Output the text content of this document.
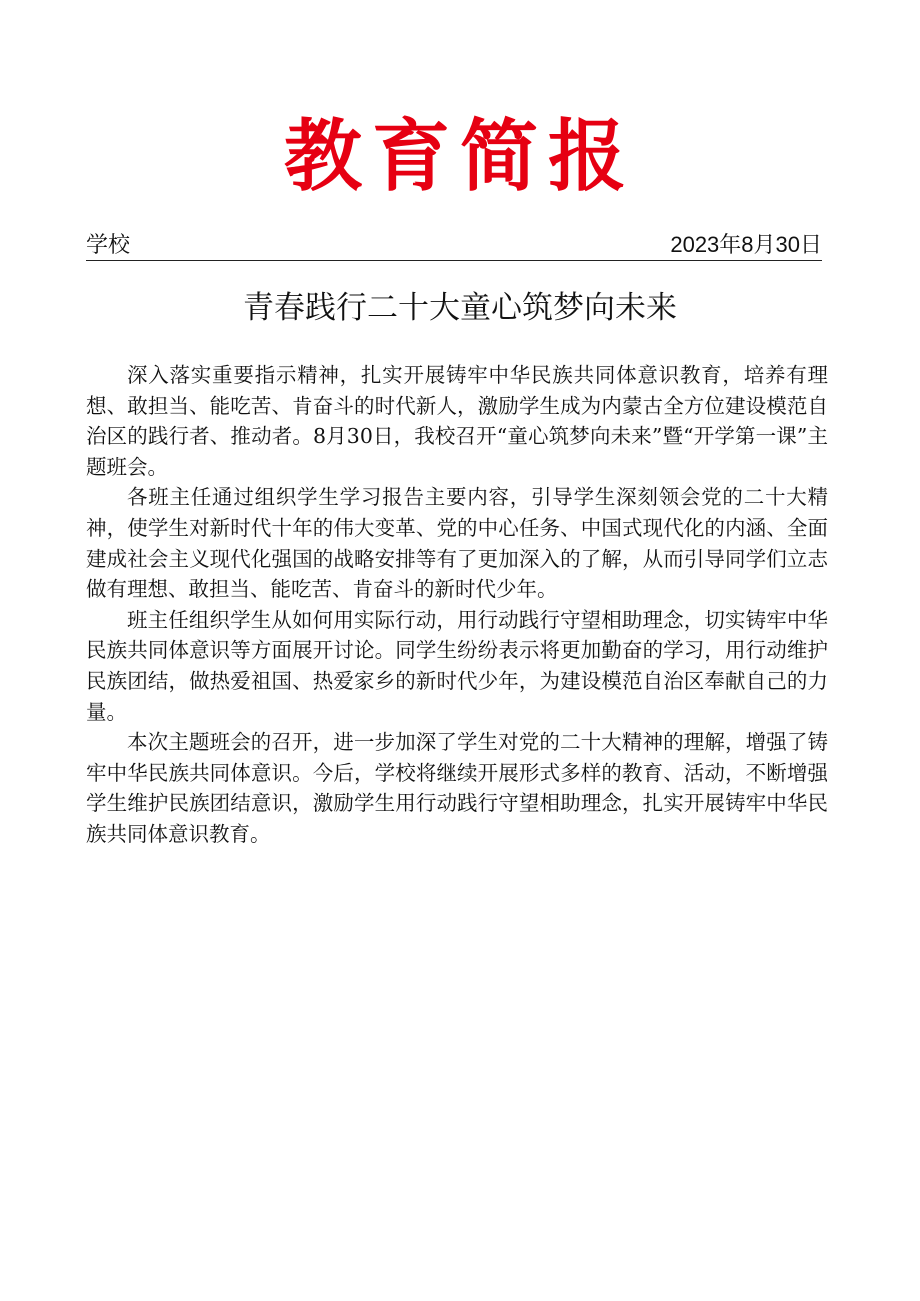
教育简报
学校	2023年8月30日
青春践行二十大童心筑梦向未来

深入落实重要指示精神，扎实开展铸牢中华民族共同体意识教育，培养有理想、敢担当、能吃苦、肯奋斗的时代新人，激励学生成为内蒙古全方位建设模范自治区的践行者、推动者。8月30日，我校召开“童心筑梦向未来”暨“开学第一课”主题班会。

各班主任通过组织学生学习报告主要内容，引导学生深刻领会党的二十大精神，使学生对新时代十年的伟大变革、党的中心任务、中国式现代化的内涵、全面建成社会主义现代化强国的战略安排等有了更加深入的了解，从而引导同学们立志做有理想、敢担当、能吃苦、肯奋斗的新时代少年。

班主任组织学生从如何用实际行动，用行动践行守望相助理念，切实铸牢中华民族共同体意识等方面展开讨论。同学生纷纷表示将更加勤奋的学习，用行动维护民族团结，做热爱祖国、热爱家乡的新时代少年，为建设模范自治区奉献自己的力量。

本次主题班会的召开，进一步加深了学生对党的二十大精神的理解，增强了铸牢中华民族共同体意识。今后，学校将继续开展形式多样的教育、活动，不断增强学生维护民族团结意识，激励学生用行动践行守望相助理念，扎实开展铸牢中华民族共同体意识教育。
